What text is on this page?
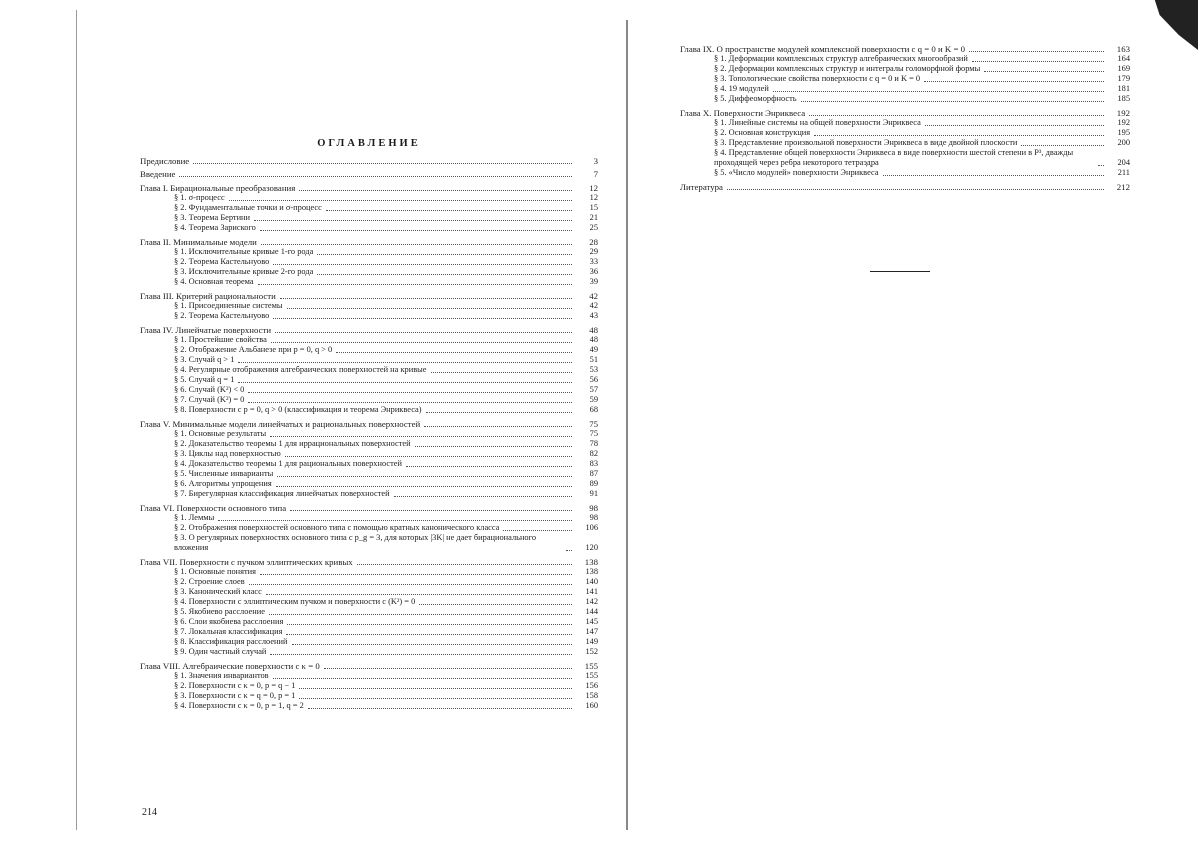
ОГЛАВЛЕНИЕ
Предисловие	3
Введение	7
Глава I. Бирациональные преобразования	12
§ 1. σ-процесс	12
§ 2. Фундаментальные точки и σ-процесс	15
§ 3. Теорема Бертини	21
§ 4. Теорема Зариского	25
Глава II. Минимальные модели	28
§ 1. Исключительные кривые 1-го рода	29
§ 2. Теорема Кастельнуово	33
§ 3. Исключительные кривые 2-го рода	36
§ 4. Основная теорема	39
Глава III. Критерий рациональности	42
§ 1. Присоединенные системы	42
§ 2. Теорема Кастельнуово	43
Глава IV. Линейчатые поверхности	48
§ 1. Простейшие свойства	48
§ 2. Отображение Альбанезе при p = 0, q > 0	49
§ 3. Случай q > 1	51
§ 4. Регулярные отображения алгебраических поверхностей на кривые	53
§ 5. Случай q = 1	56
§ 6. Случай (K²) < 0	57
§ 7. Случай (K²) = 0	59
§ 8. Поверхности с p = 0, q > 0 (классификация и теорема Энриквеса)	68
Глава V. Минимальные модели линейчатых и рациональных поверхностей	75
§ 1. Основные результаты	75
§ 2. Доказательство теоремы 1 для иррациональных поверхностей	78
§ 3. Циклы над поверхностью	82
§ 4. Доказательство теоремы 1 для рациональных поверхностей	83
§ 5. Численные инварианты	87
§ 6. Алгоритмы упрощения	89
§ 7. Бирегулярная классификация линейчатых поверхностей	91
Глава VI. Поверхности основного типа	98
§ 1. Леммы	98
§ 2. Отображения поверхностей основного типа с помощью кратных канонического класса	106
§ 3. О регулярных поверхностях основного типа с p_g = 3, для которых |3K| не дает бирационального вложения	120
Глава VII. Поверхности с пучком эллиптических кривых	138
§ 1. Основные понятия	138
§ 2. Строение слоев	140
§ 3. Канонический класс	141
§ 4. Поверхности с эллиптическим пучком и поверхности с (K²) = 0	142
§ 5. Якобиево расслоение	144
§ 6. Слои якобиева расслоения	145
§ 7. Локальная классификация	147
§ 8. Классификация расслоений	149
§ 9. Один частный случай	152
Глава VIII. Алгебраические поверхности с κ = 0	155
§ 1. Значения инвариантов	155
§ 2. Поверхности с κ = 0, p = q − 1	156
§ 3. Поверхности с κ = q = 0, p = 1	158
§ 4. Поверхности с κ = 0, p = 1, q = 2	160
214
Глава IX. О пространстве модулей комплексной поверхности с q = 0 и K = 0	163
§ 1. Деформации комплексных структур алгебраических многообразий	164
§ 2. Деформации комплексных структур и интегралы голоморфной формы	169
§ 3. Топологические свойства поверхности с q = 0 и K = 0	179
§ 4. 19 модулей	181
§ 5. Диффеоморфность	185
Глава X. Поверхности Энриквеса	192
§ 1. Линейные системы на общей поверхности Энриквеса	192
§ 2. Основная конструкция	195
§ 3. Представление произвольной поверхности Энриквеса в виде двойной плоскости	200
§ 4. Представление общей поверхности Энриквеса в виде поверхности шестой степени в P³, дважды проходящей через ребра некоторого тетраэдра	204
§ 5. «Число модулей» поверхности Энриквеса	211
Литература	212
